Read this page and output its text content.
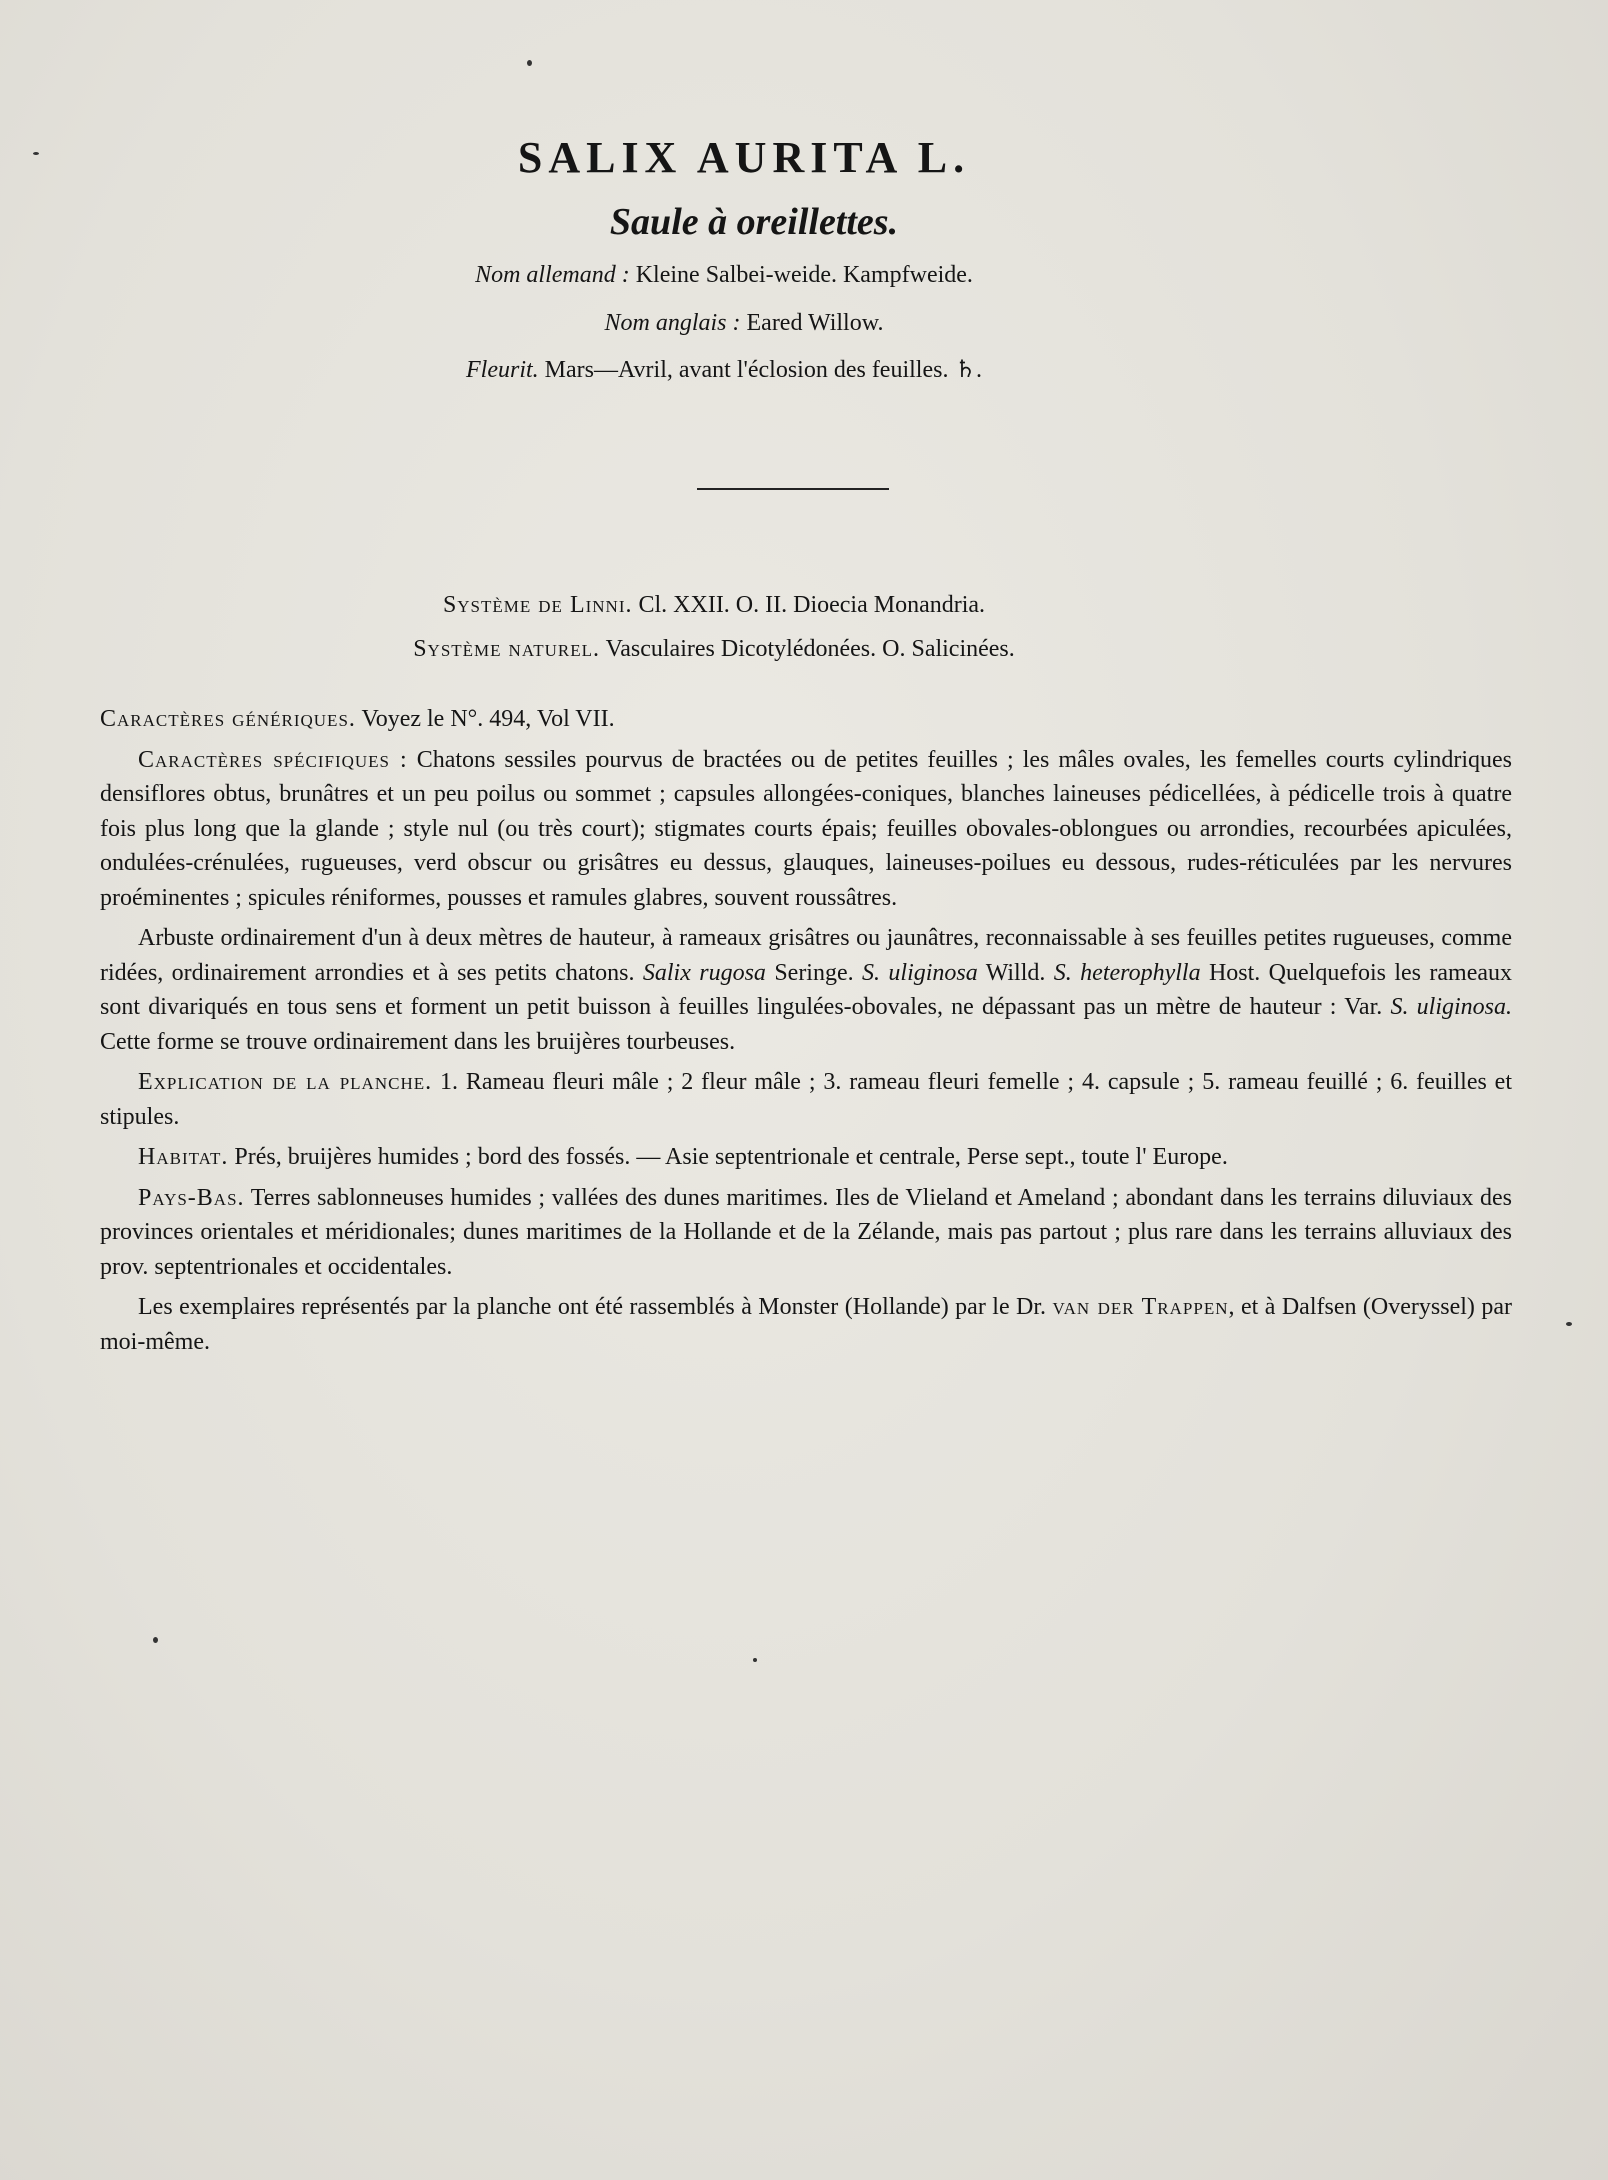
SALIX AURITA L.
Saule à oreillettes.
Nom allemand : Kleine Salbei-weide. Kampfweide.
Nom anglais : Eared Willow.
Fleurit. Mars—Avril, avant l'éclosion des feuilles. ♄.
Système de Linni. Cl. XXII. O. II. Dioecia Monandria.
Système naturel. Vasculaires Dicotylédonées. O. Salicinées.

Caractères génériques. Voyez le N°. 494, Vol VII.

Caractères spécifiques : Chatons sessiles pourvus de bractées ou de petites feuilles ; les mâles ovales, les femelles courts cylindriques densiflores obtus, brunâtres et un peu poilus ou sommet ; capsules allongées-coniques, blanches laineuses pédicellées, à pédicelle trois à quatre fois plus long que la glande ; style nul (ou très court); stigmates courts épais; feuilles obovales-oblongues ou arrondies, recourbées apiculées, ondulées-crénulées, rugueuses, verd obscur ou grisâtres eu dessus, glauques, laineuses-poilues eu dessous, rudes-réticulées par les nervures proéminentes ; spicules réniformes, pousses et ramules glabres, souvent roussâtres.

Arbuste ordinairement d'un à deux mètres de hauteur, à rameaux grisâtres ou jaunâtres, reconnaissable à ses feuilles petites rugueuses, comme ridées, ordinairement arrondies et à ses petits chatons. Salix rugosa Seringe. S. uliginosa Willd. S. heterophylla Host. Quelquefois les rameaux sont divariqués en tous sens et forment un petit buisson à feuilles lingulées-obovales, ne dépassant pas un mètre de hauteur : Var. S. uliginosa. Cette forme se trouve ordinairement dans les bruijères tourbeuses.

Explication de la planche. 1. Rameau fleuri mâle ; 2 fleur mâle ; 3. rameau fleuri femelle ; 4. capsule ; 5. rameau feuillé ; 6. feuilles et stipules.

Habitat. Prés, bruijères humides ; bord des fossés. — Asie septentrionale et centrale, Perse sept., toute l' Europe.

Pays-Bas. Terres sablonneuses humides ; vallées des dunes maritimes. Iles de Vlieland et Ameland ; abondant dans les terrains diluviaux des provinces orientales et méridionales; dunes maritimes de la Hollande et de la Zélande, mais pas partout ; plus rare dans les terrains alluviaux des prov. septentrionales et occidentales.

Les exemplaires représentés par la planche ont été rassemblés à Monster (Hollande) par le Dr. van der Trappen, et à Dalfsen (Overyssel) par moi-même.
